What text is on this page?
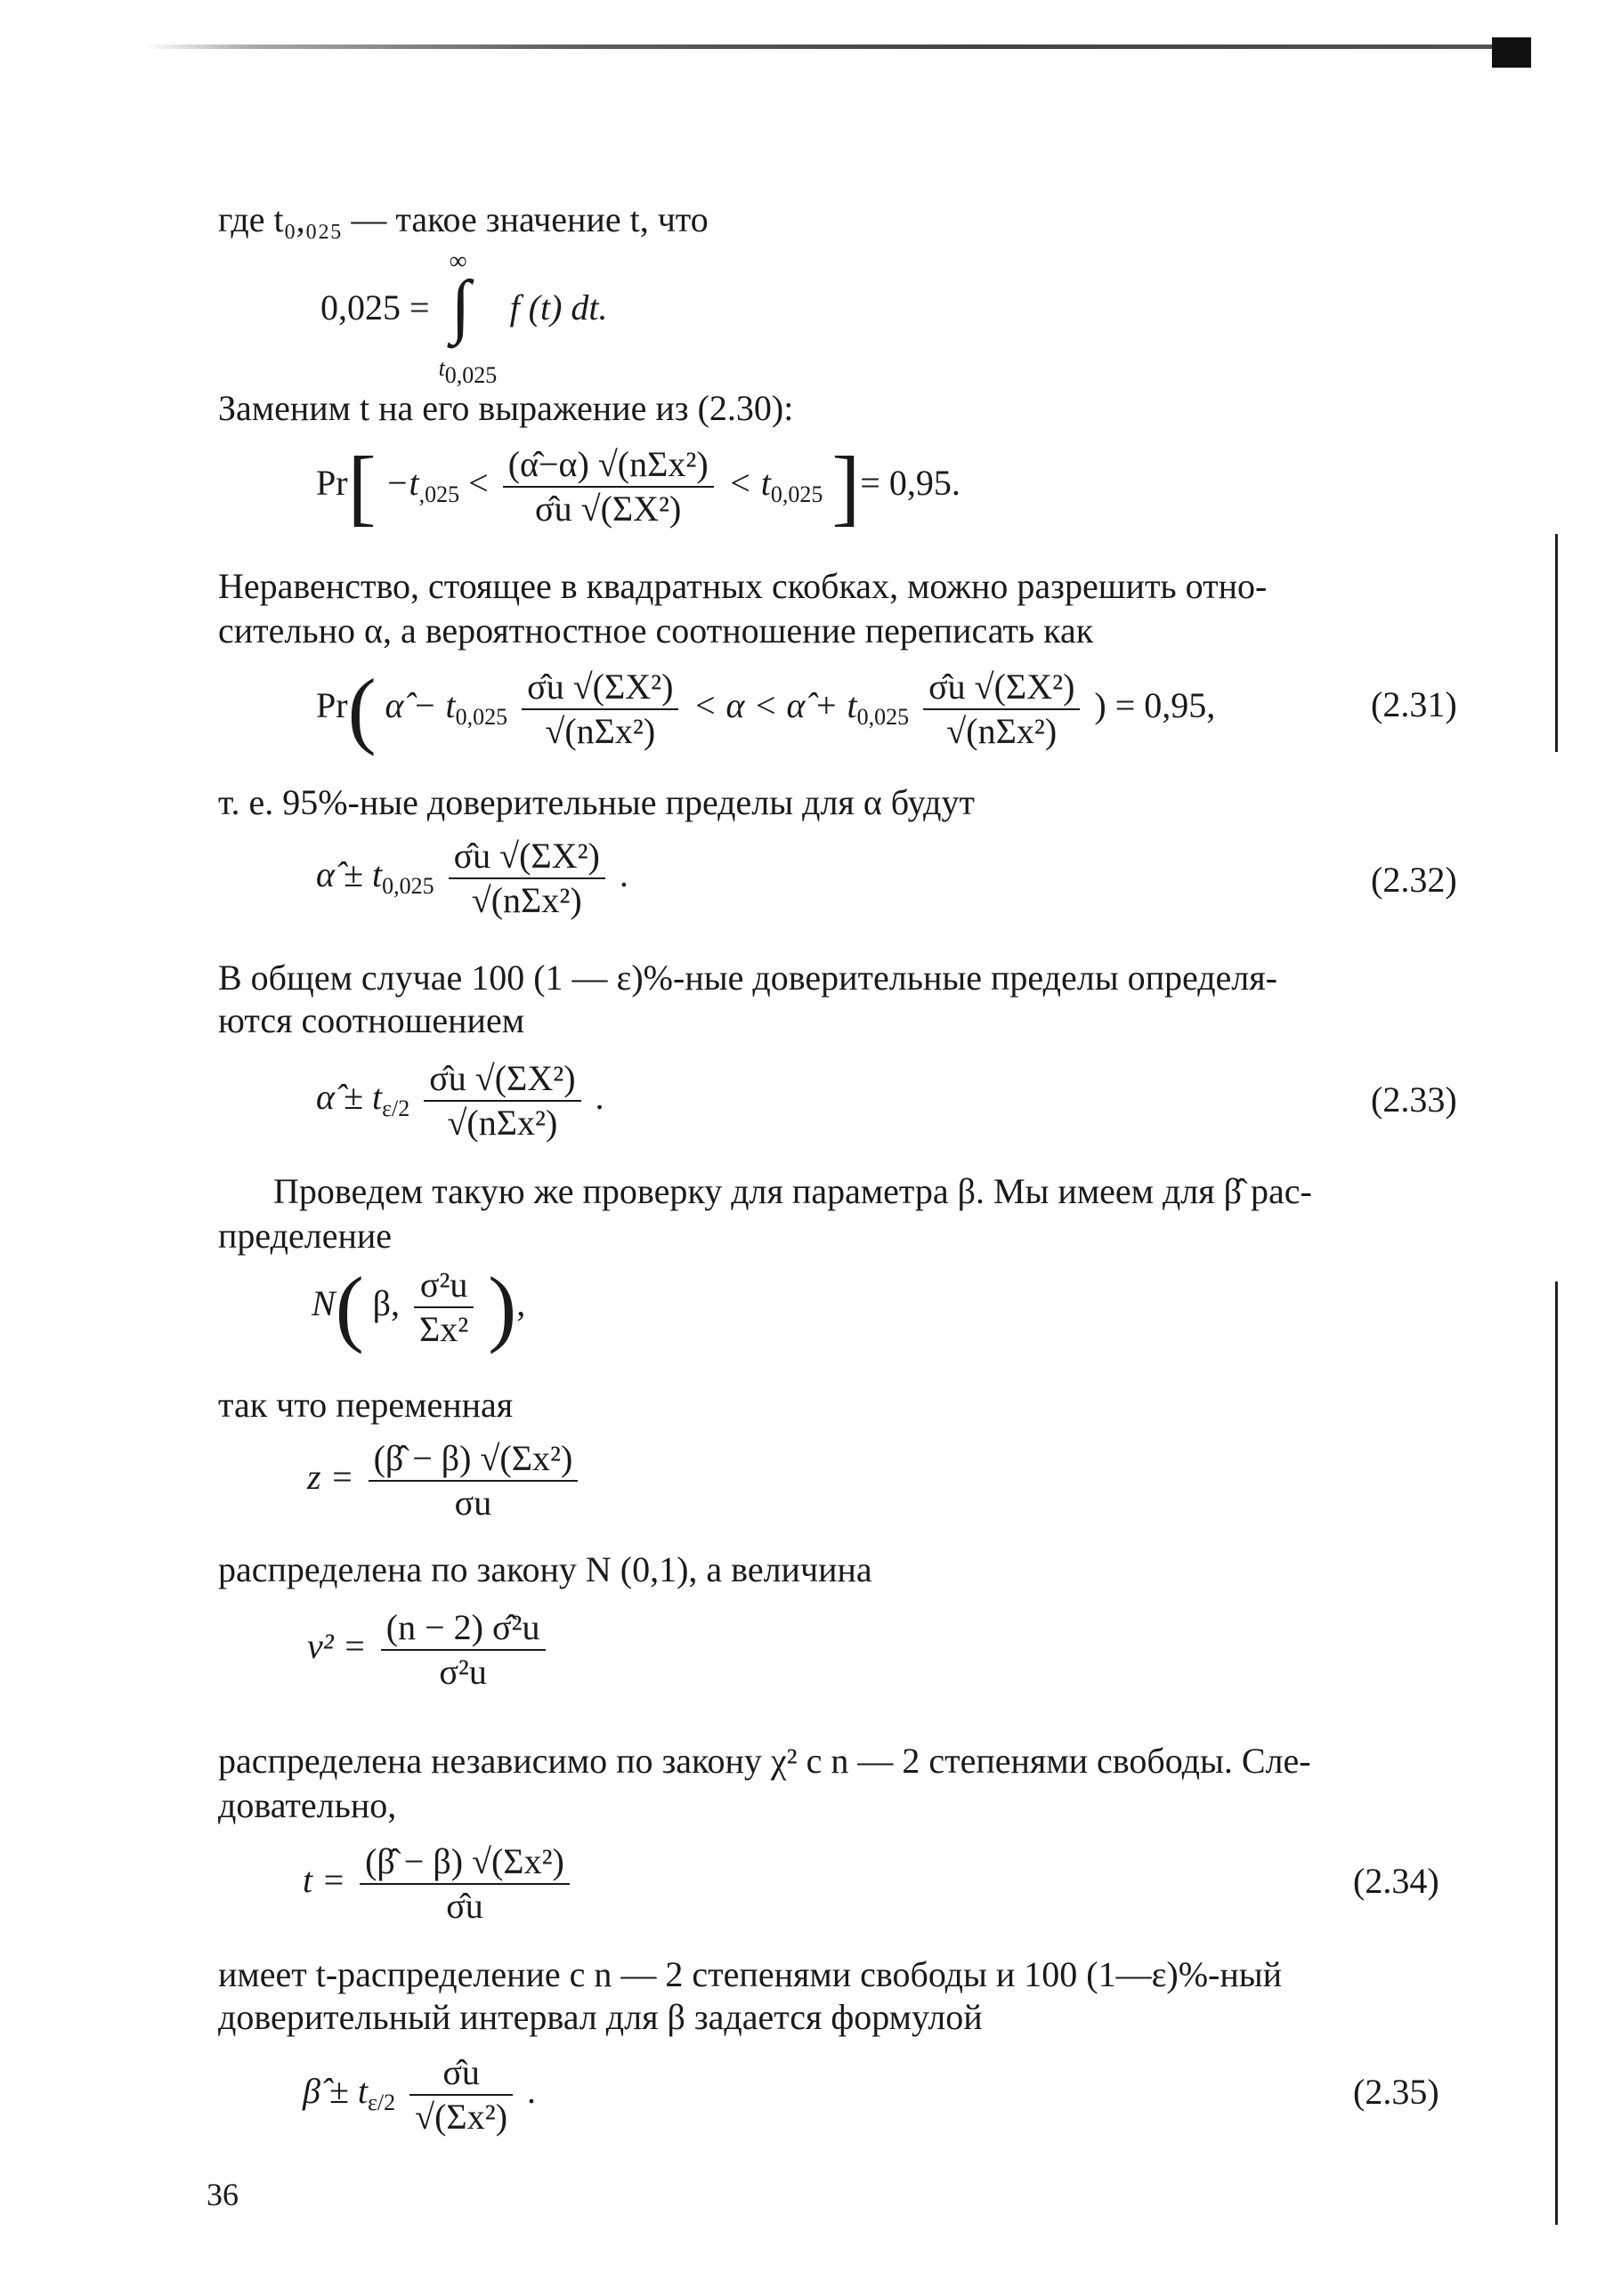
где t₀,₀₂₅ — такое значение t, что
0,025 =
∞
∫
t0,025
f (t) dt.
Заменим t на его выражение из (2.30):
$Pr[ -t_{,025} < \frac{\text{(α̂−α) √(nΣx²)}}{\text{σ̂u √(ΣX²)}} < t_{0,025}$ ]= 0,95.
Неравенство, стоящее в квадратных скобках, можно разрешить отно-
сительно α, а вероятностное соотношение переписать как
Pr( α̂ − $t_{0,025} \frac{\text{σ̂u √(ΣX²)}}{\text{√(nΣx²)}} < \alpha$ < α̂ + $t_{0,025} \frac{\text{σ̂u √(ΣX²)}}{\text{√(nΣx²)}}$ ) = 0,95,	(2.31)
т. е. 95%-ные доверительные пределы для α будут
α̂ ± $t_{0,025} \frac{\text{σ̂u √(ΣX²)}}{\text{√(nΣx²)}}$ .	(2.32)
В общем случае 100 (1 — ε)%-ные доверительные пределы определя-
ются соотношением
α̂ ± $t_{\varepsilon/2} \frac{\text{σ̂u √(ΣX²)}}{\text{√(nΣx²)}}$ .	(2.33)
Проведем такую же проверку для параметра β. Мы имеем для β̂ рас-
пределение
N( β, $\frac{\text{σ²u}}{\text{Σx²}}$ ),
так что переменная
$z = \frac{\text{(β̂ − β) √(Σx²)}}{\sigma u}$
распределена по закону N (0,1), а величина
$v^2 = \frac{\text{(n − 2) σ̂²u}}{\text{σ²u}}$
распределена независимо по закону χ² с n — 2 степенями свободы. Сле-
довательно,
$t = \frac{\text{(β̂ − β) √(Σx²)}}{\sigmâu}$	(2.34)
имеет t-распределение с n — 2 степенями свободы и 100 (1—ε)%-ный
доверительный интервал для β задается формулой
β̂ ± $t_{\varepsilon/2} \frac{\sigmâu}{\text{√(Σx²)}}$ .	(2.35)
36
